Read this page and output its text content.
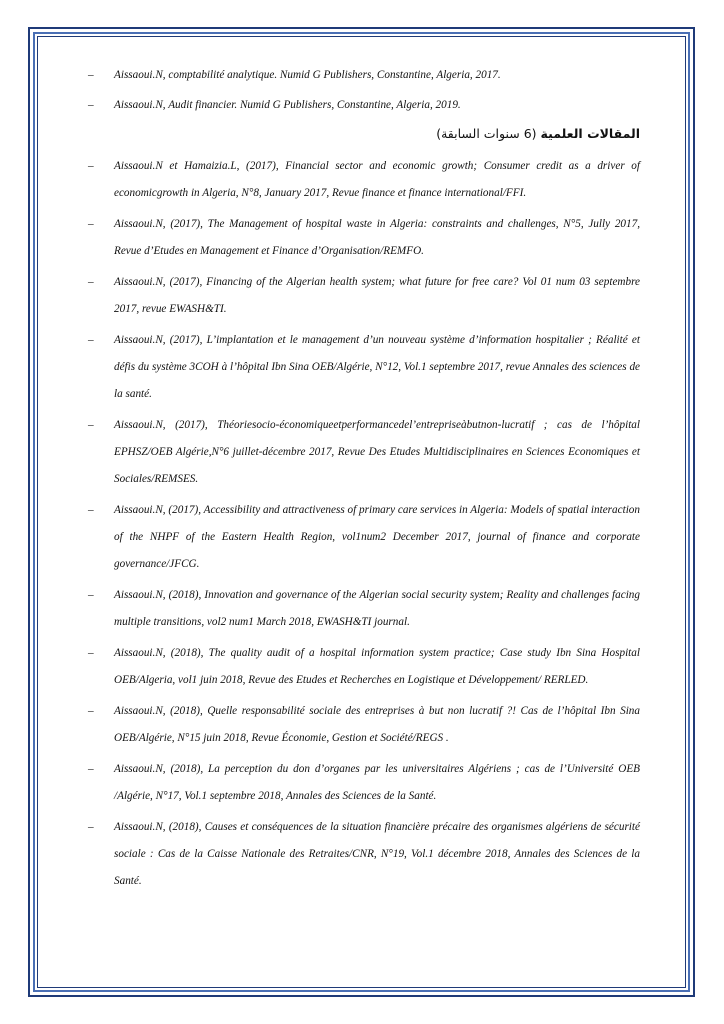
– Aissaoui.N, comptabilité analytique. Numid G Publishers, Constantine, Algeria, 2017.
– Aissaoui.N, Audit financier. Numid G Publishers, Constantine, Algeria, 2019.
المقالات العلمية (6 سنوات السابقة)
– Aissaoui.N et Hamaizia.L, (2017), Financial sector and economic growth; Consumer credit as a driver of economicgrowth in Algeria, N°8, January 2017, Revue finance et finance international/FFI.
– Aissaoui.N, (2017), The Management of hospital waste in Algeria: constraints and challenges, N°5, Jully 2017, Revue d’Etudes en Management et Finance d’Organisation/REMFO.
– Aissaoui.N, (2017), Financing of the Algerian health system; what future for free care? Vol 01 num 03 septembre 2017, revue EWASH&TI.
– Aissaoui.N, (2017), L’implantation et le management d’un nouveau système d’information hospitalier ; Réalité et défis du système 3COH à l’hôpital Ibn Sina OEB/Algérie, N°12, Vol.1 septembre 2017, revue Annales des sciences de la santé.
– Aissaoui.N, (2017), Théoriesocio-économiqueetperformancedel’entrepriseàbutnon-lucratif ; cas de l’hôpital EPHSZ/OEB Algérie,N°6 juillet-décembre 2017, Revue Des Etudes Multidisciplinaires en Sciences Economiques et Sociales/REMSES.
– Aissaoui.N, (2017), Accessibility and attractiveness of primary care services in Algeria: Models of spatial interaction of the NHPF of the Eastern Health Region, vol1num2 December 2017, journal of finance and corporate governance/JFCG.
– Aissaoui.N, (2018), Innovation and governance of the Algerian social security system; Reality and challenges facing multiple transitions, vol2 num1 March 2018, EWASH&TI journal.
– Aissaoui.N, (2018), The quality audit of a hospital information system practice; Case study Ibn Sina Hospital OEB/Algeria, vol1 juin 2018, Revue des Etudes et Recherches en Logistique et Développement/ RERLED.
– Aissaoui.N, (2018), Quelle responsabilité sociale des entreprises à but non lucratif ?! Cas de l’hôpital Ibn Sina OEB/Algérie, N°15 juin 2018, Revue Économie, Gestion et Société/REGS .
– Aissaoui.N, (2018), La perception du don d’organes par les universitaires Algériens ; cas de l’Université OEB /Algérie, N°17, Vol.1 septembre 2018, Annales des Sciences de la Santé.
– Aissaoui.N, (2018), Causes et conséquences de la situation financière précaire des organismes algériens de sécurité sociale : Cas de la Caisse Nationale des Retraites/CNR, N°19, Vol.1 décembre 2018, Annales des Sciences de la Santé.
